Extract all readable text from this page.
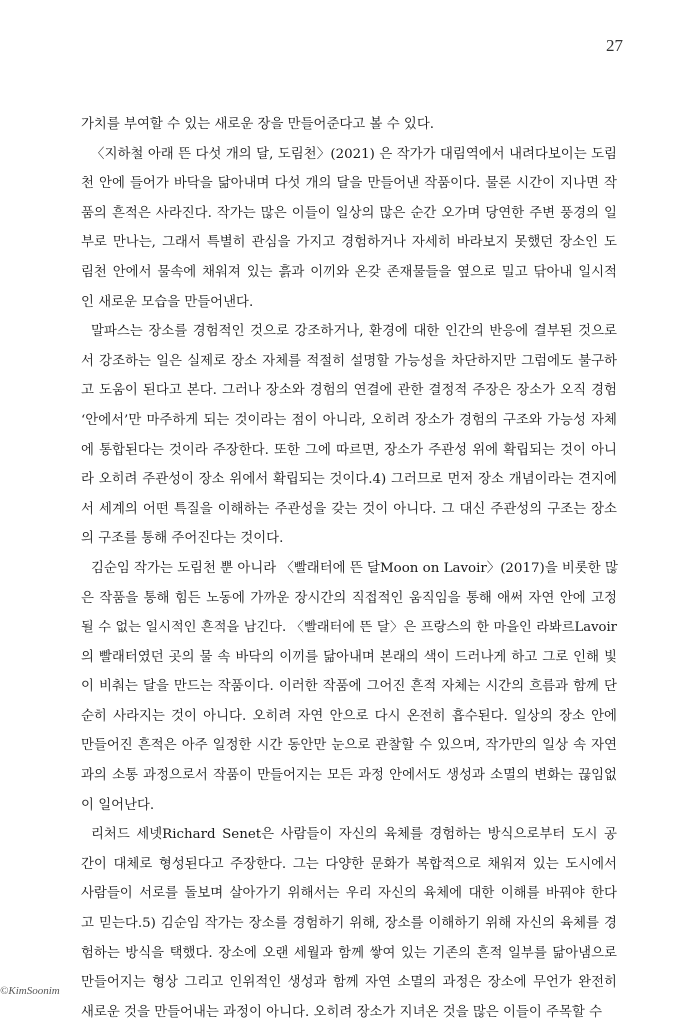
27
가치를 부여할 수 있는 새로운 장을 만들어준다고 볼 수 있다.
〈지하철 아래 뜬 다섯 개의 달, 도림천〉(2021) 은 작가가 대림역에서 내려다보이는 도림
천 안에 들어가 바닥을 닮아내며 다섯 개의 달을 만들어낸 작품이다. 물론 시간이 지나면 작
품의 흔적은 사라진다. 작가는 많은 이들이 일상의 많은 순간 오가며 당연한 주변 풍경의 일
부로 만나는, 그래서 특별히 관심을 가지고 경험하거나 자세히 바라보지 못했던 장소인 도
림천 안에서 물속에 채워져 있는 흙과 이끼와 온갖 존재물들을 옆으로 밀고 닦아내 일시적
인 새로운 모습을 만들어낸다.
말파스는 장소를 경험적인 것으로 강조하거나, 환경에 대한 인간의 반응에 결부된 것으로
서 강조하는 일은 실제로 장소 자체를 적절히 설명할 가능성을 차단하지만 그럼에도 불구하
고 도움이 된다고 본다. 그러나 장소와 경험의 연결에 관한 결정적 주장은 장소가 오직 경험
‘안에서’만 마주하게 되는 것이라는 점이 아니라, 오히려 장소가 경험의 구조와 가능성 자체
에 통합된다는 것이라 주장한다. 또한 그에 따르면, 장소가 주관성 위에 확립되는 것이 아니
라 오히려 주관성이 장소 위에서 확립되는 것이다.4) 그러므로 먼저 장소 개념이라는 견지에
서 세계의 어떤 특질을 이해하는 주관성을 갖는 것이 아니다. 그 대신 주관성의 구조는 장소
의 구조를 통해 주어진다는 것이다.
김순임 작가는 도림천 뿐 아니라 〈빨래터에 뜬 달Moon on Lavoir〉(2017)을 비롯한 많
은 작품을 통해 힘든 노동에 가까운 장시간의 직접적인 움직임을 통해 애써 자연 안에 고정
될 수 없는 일시적인 흔적을 남긴다. 〈빨래터에 뜬 달〉은 프랑스의 한 마을인 라봐르Lavoir
의 빨래터였던 곳의 물 속 바닥의 이끼를 닮아내며 본래의 색이 드러나게 하고 그로 인해 빛
이 비춰는 달을 만드는 작품이다. 이러한 작품에 그어진 흔적 자체는 시간의 흐름과 함께 단
순히 사라지는 것이 아니다. 오히려 자연 안으로 다시 온전히 흡수된다. 일상의 장소 안에
만들어진 흔적은 아주 일정한 시간 동안만 눈으로 관찰할 수 있으며, 작가만의 일상 속 자연
과의 소통 과정으로서 작품이 만들어지는 모든 과정 안에서도 생성과 소멸의 변화는 끊임없
이 일어난다.
리처드 세넷Richard Senet은 사람들이 자신의 육체를 경험하는 방식으로부터 도시 공
간이 대체로 형성된다고 주장한다. 그는 다양한 문화가 복합적으로 채워져 있는 도시에서
사람들이 서로를 돌보며 살아가기 위해서는 우리 자신의 육체에 대한 이해를 바꿔야 한다
고 믿는다.5) 김순임 작가는 장소를 경험하기 위해, 장소를 이해하기 위해 자신의 육체를 경
험하는 방식을 택했다. 장소에 오랜 세월과 함께 쌓여 있는 기존의 흔적 일부를 닮아냄으로
만들어지는 형상 그리고 인위적인 생성과 함께 자연 소멸의 과정은 장소에 무언가 완전히
새로운 것을 만들어내는 과정이 아니다. 오히려 장소가 지녀온 것을 많은 이들이 주목할 수
©KimSoonim
